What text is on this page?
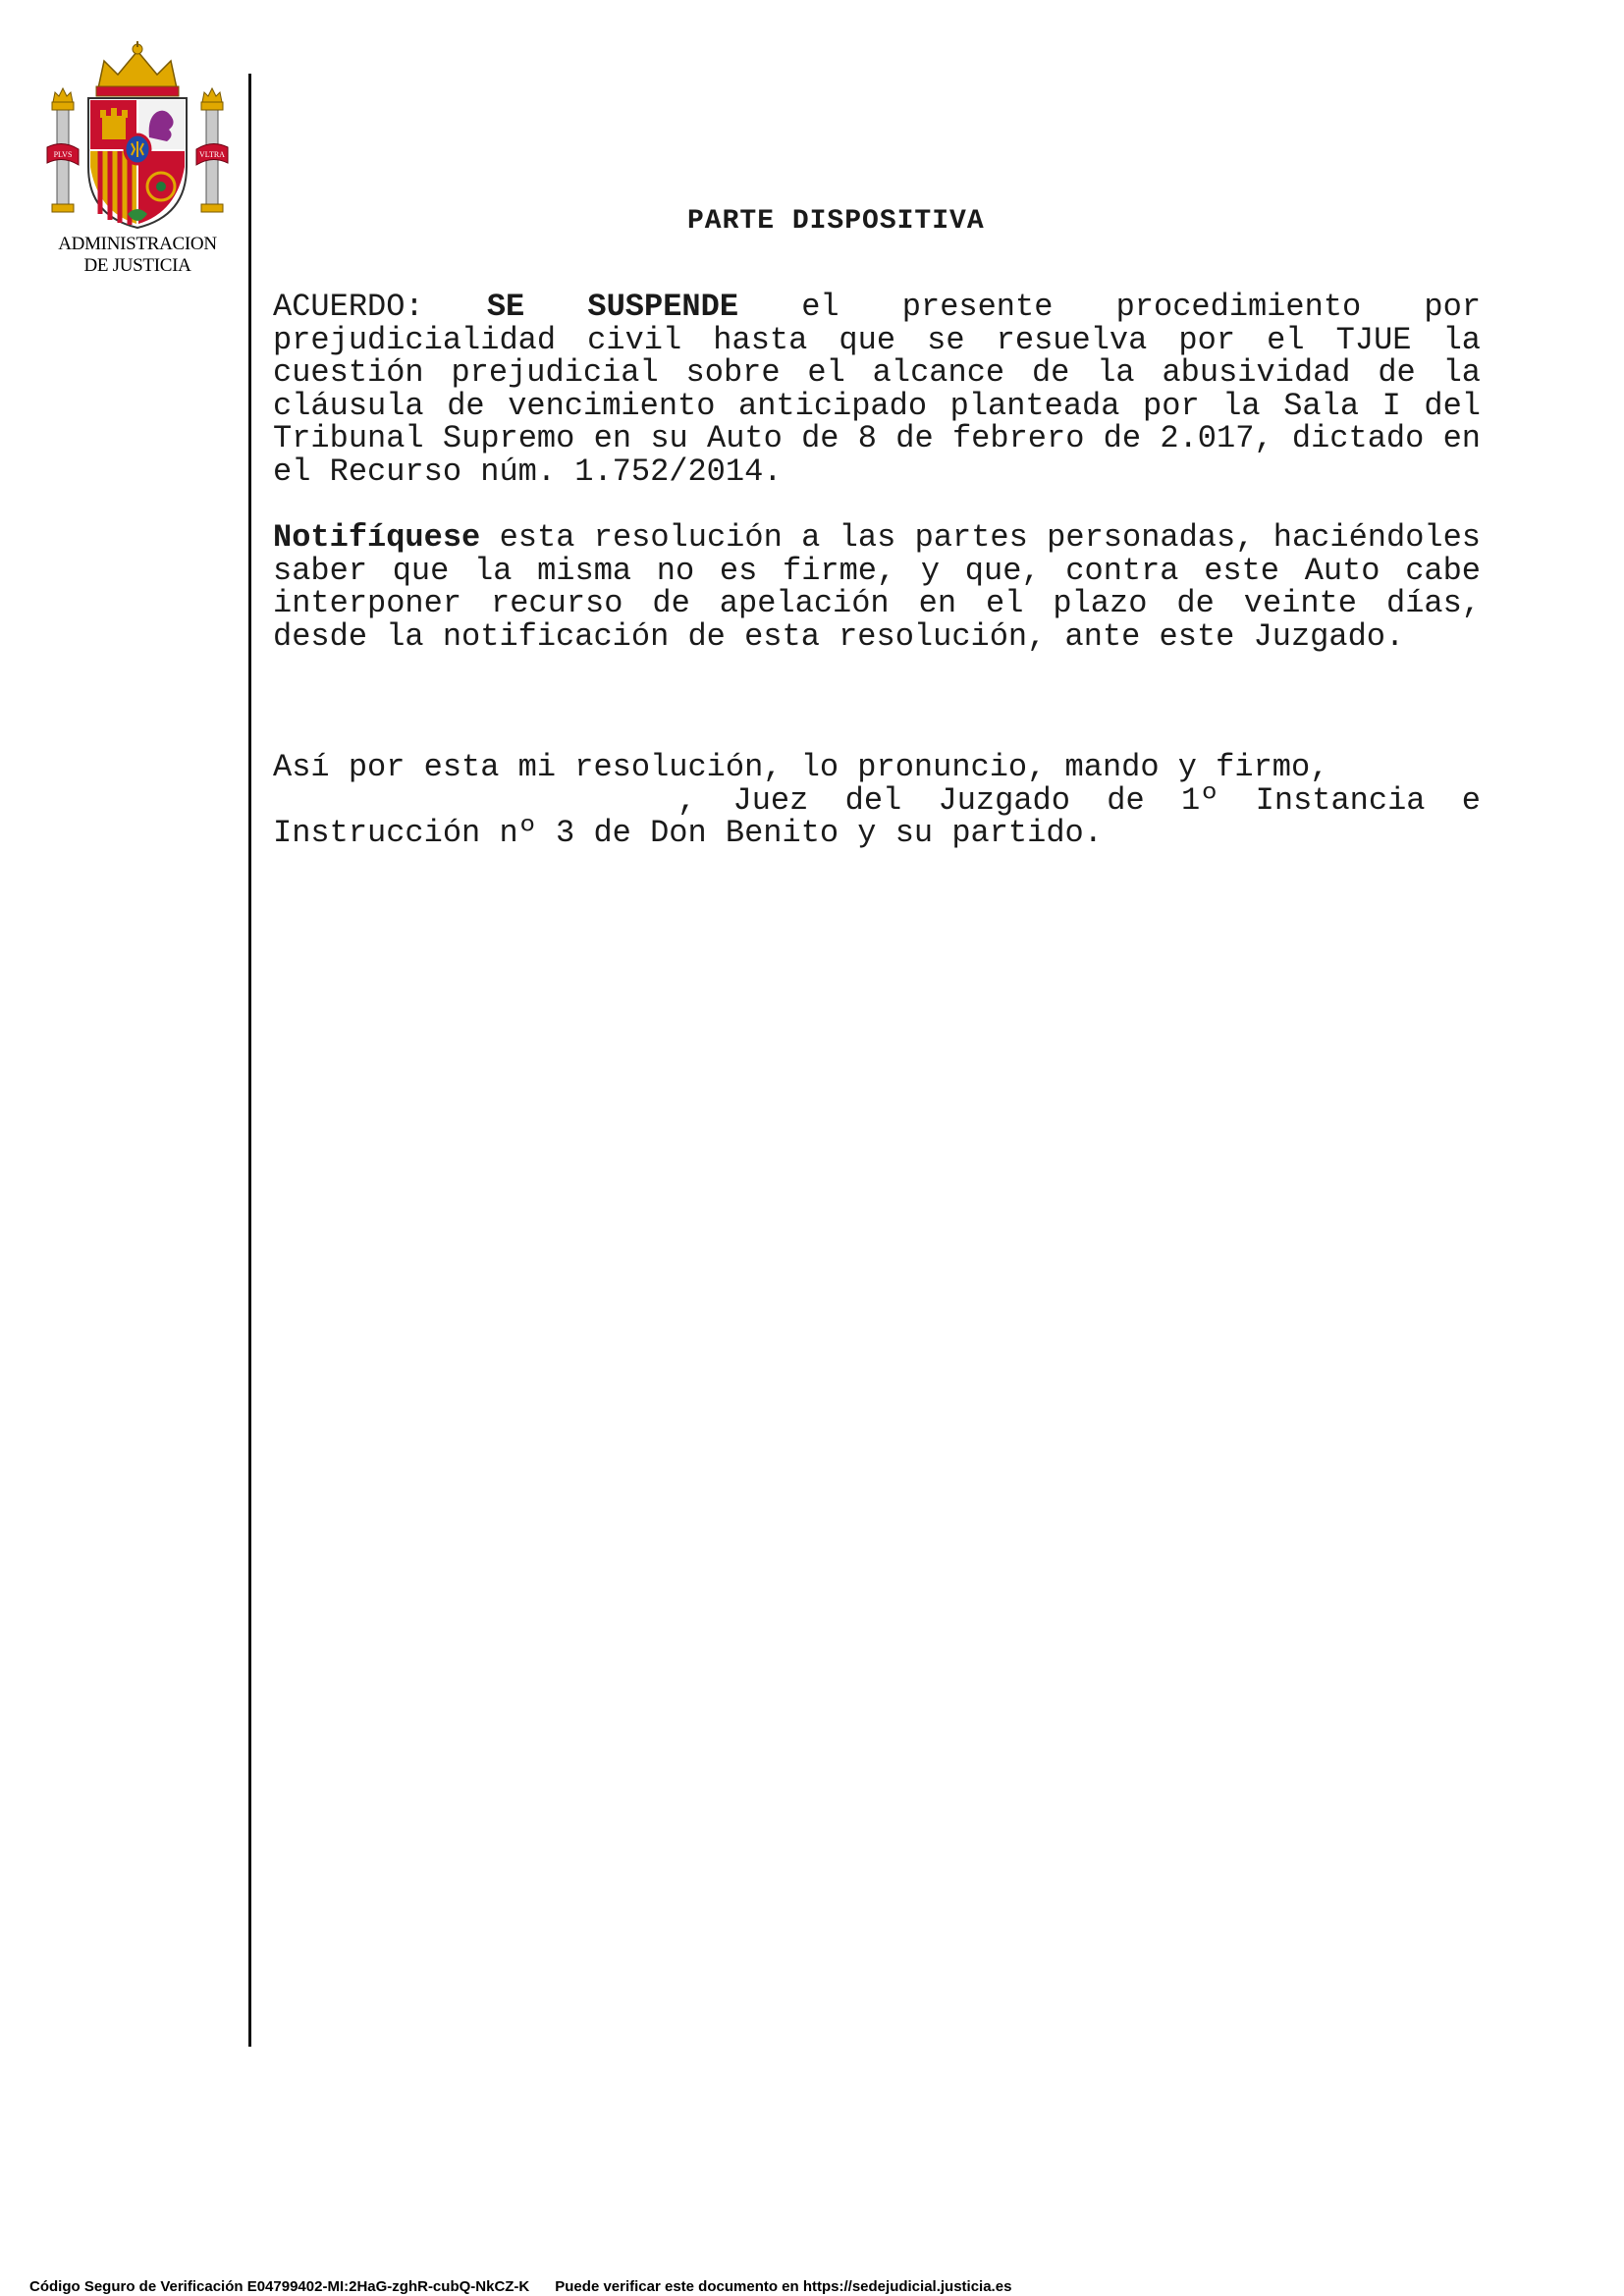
PLVS	VLTRA
ADMINISTRACION
DE JUSTICIA
PARTE DISPOSITIVA

ACUERDO: SE SUSPENDE el presente procedimiento por prejudicialidad civil hasta que se resuelva por el TJUE la cuestión prejudicial sobre el alcance de la abusividad de la cláusula de vencimiento anticipado planteada por la Sala I del Tribunal Supremo en su Auto de 8 de febrero de 2.017, dictado en el Recurso núm. 1.752/2014.

Notifíquese esta resolución a las partes personadas, haciéndoles saber que la misma no es firme, y que, contra este Auto cabe interponer recurso de apelación en el plazo de veinte días, desde la notificación de esta resolución, ante este Juzgado.

Así por esta mi resolución, lo pronuncio, mando y firmo,
, Juez del Juzgado de 1º Instancia e Instrucción nº 3 de Don Benito y su partido.

Código Seguro de Verificación E04799402-MI:2HaG-zghR-cubQ-NkCZ-K Puede verificar este documento en https://sedejudicial.justicia.es
